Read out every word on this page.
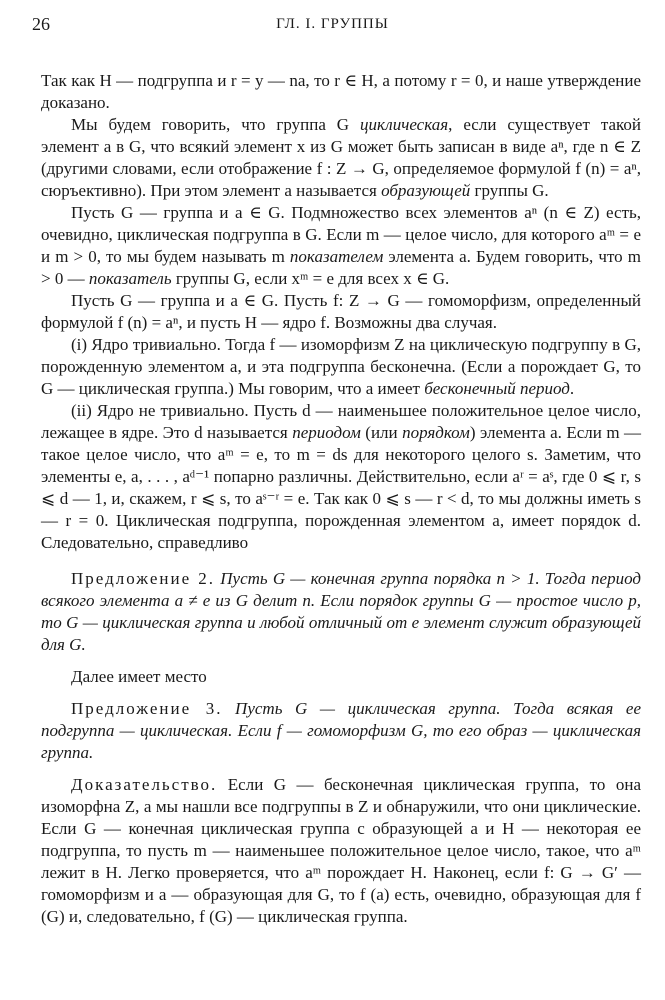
26	ГЛ. I. ГРУППЫ

Так как H — подгруппа и r = y — na, то r ∈ H, а потому r = 0, и наше утверждение доказано.

Мы будем говорить, что группа G циклическая, если существует такой элемент a в G, что всякий элемент x из G может быть записан в виде aⁿ, где n ∈ Z (другими словами, если отображение f : Z → G, определяемое формулой f (n) = aⁿ, сюръективно). При этом элемент a называется образующей группы G.

Пусть G — группа и a ∈ G. Подмножество всех элементов aⁿ (n ∈ Z) есть, очевидно, циклическая подгруппа в G. Если m — целое число, для которого aᵐ = e и m > 0, то мы будем называть m показателем элемента a. Будем говорить, что m > 0 — показатель группы G, если xᵐ = e для всех x ∈ G.

Пусть G — группа и a ∈ G. Пусть f: Z → G — гомоморфизм, определенный формулой f (n) = aⁿ, и пусть H — ядро f. Возможны два случая.

(i) Ядро тривиально. Тогда f — изоморфизм Z на циклическую подгруппу в G, порожденную элементом a, и эта подгруппа бесконечна. (Если a порождает G, то G — циклическая группа.) Мы говорим, что a имеет бесконечный период.

(ii) Ядро не тривиально. Пусть d — наименьшее положительное целое число, лежащее в ядре. Это d называется периодом (или порядком) элемента a. Если m — такое целое число, что aᵐ = e, то m = ds для некоторого целого s. Заметим, что элементы e, a, . . . , aᵈ⁻¹ попарно различны. Действительно, если aʳ = aˢ, где 0 ⩽ r, s ⩽ d — 1, и, скажем, r ⩽ s, то aˢ⁻ʳ = e. Так как 0 ⩽ s — r < d, то мы должны иметь s — r = 0. Циклическая подгруппа, порожденная элементом a, имеет порядок d. Следовательно, справедливо

Предложение 2. Пусть G — конечная группа порядка n > 1. Тогда период всякого элемента a ≠ e из G делит n. Если порядок группы G — простое число p, то G — циклическая группа и любой отличный от e элемент служит образующей для G.

Далее имеет место

Предложение 3. Пусть G — циклическая группа. Тогда всякая ее подгруппа — циклическая. Если f — гомоморфизм G, то его образ — циклическая группа.

Доказательство. Если G — бесконечная циклическая группа, то она изоморфна Z, а мы нашли все подгруппы в Z и обнаружили, что они циклические. Если G — конечная циклическая группа с образующей a и H — некоторая ее подгруппа, то пусть m — наименьшее положительное целое число, такое, что aᵐ лежит в H. Легко проверяется, что aᵐ порождает H. Наконец, если f: G → G′ — гомоморфизм и a — образующая для G, то f (a) есть, очевидно, образующая для f (G) и, следовательно, f (G) — циклическая группа.
